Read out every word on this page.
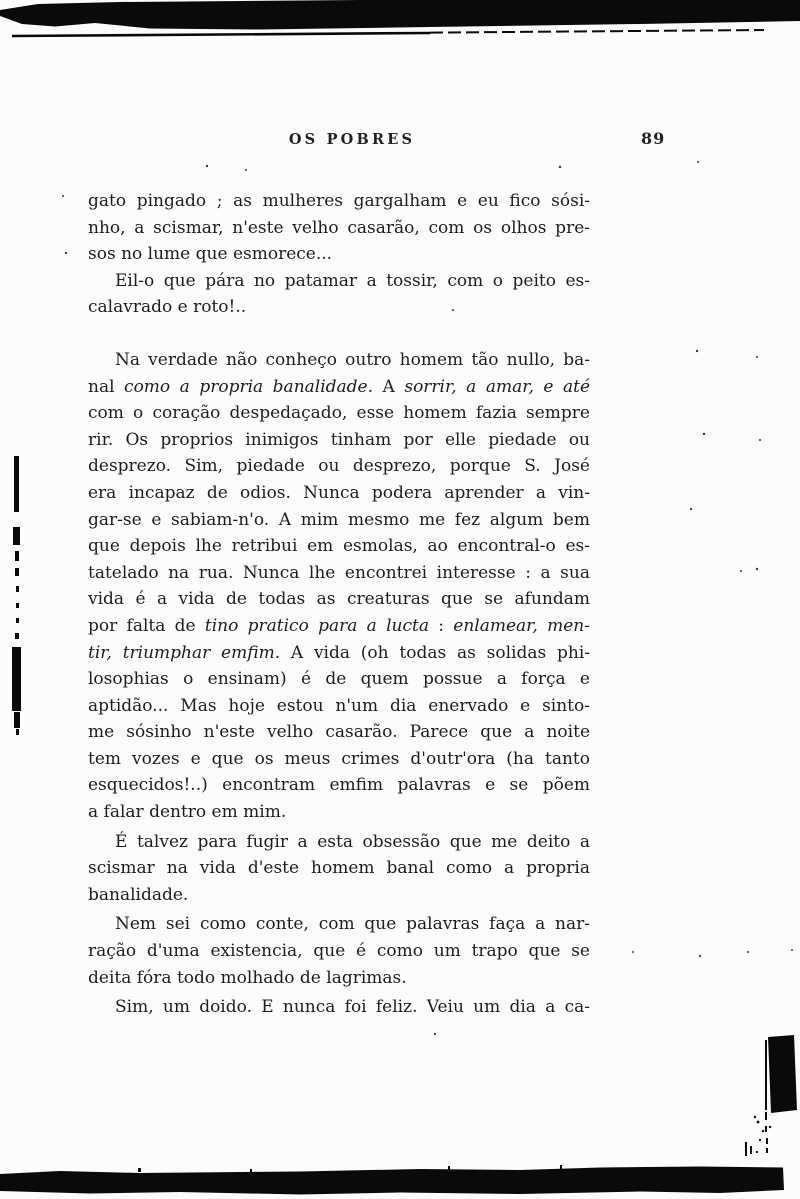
OS POBRES	89
gato pingado ; as mulheres gargalham e eu fico sósi-
nho, a scismar, n'este velho casarão, com os olhos pre-
sos no lume que esmorece...
Eil-o que pára no patamar a tossir, com o peito es-
calavrado e roto!..
Na verdade não conheço outro homem tão nullo, ba-
nal como a propria banalidade. A sorrir, a amar, e até
com o coração despedaçado, esse homem fazia sempre
rir. Os proprios inimigos tinham por elle piedade ou
desprezo. Sim, piedade ou desprezo, porque S. José
era incapaz de odios. Nunca podera aprender a vin-
gar-se e sabiam-n'o. A mim mesmo me fez algum bem
que depois lhe retribui em esmolas, ao encontral-o es-
tatelado na rua. Nunca lhe encontrei interesse : a sua
vida é a vida de todas as creaturas que se afundam
por falta de tino pratico para a lucta : enlamear, men-
tir, triumphar emfim. A vida (oh todas as solidas phi-
losophias o ensinam) é de quem possue a força e
aptidão... Mas hoje estou n'um dia enervado e sinto-
me sósinho n'este velho casarão. Parece que a noite
tem vozes e que os meus crimes d'outr'ora (ha tanto
esquecidos!..) encontram emfim palavras e se põem
a falar dentro em mim.
É talvez para fugir a esta obsessão que me deito a
scismar na vida d'este homem banal como a propria
banalidade.
Nem sei como conte, com que palavras faça a nar-
ração d'uma existencia, que é como um trapo que se
deita fóra todo molhado de lagrimas.
Sim, um doido. E nunca foi feliz. Veiu um dia a ca-
